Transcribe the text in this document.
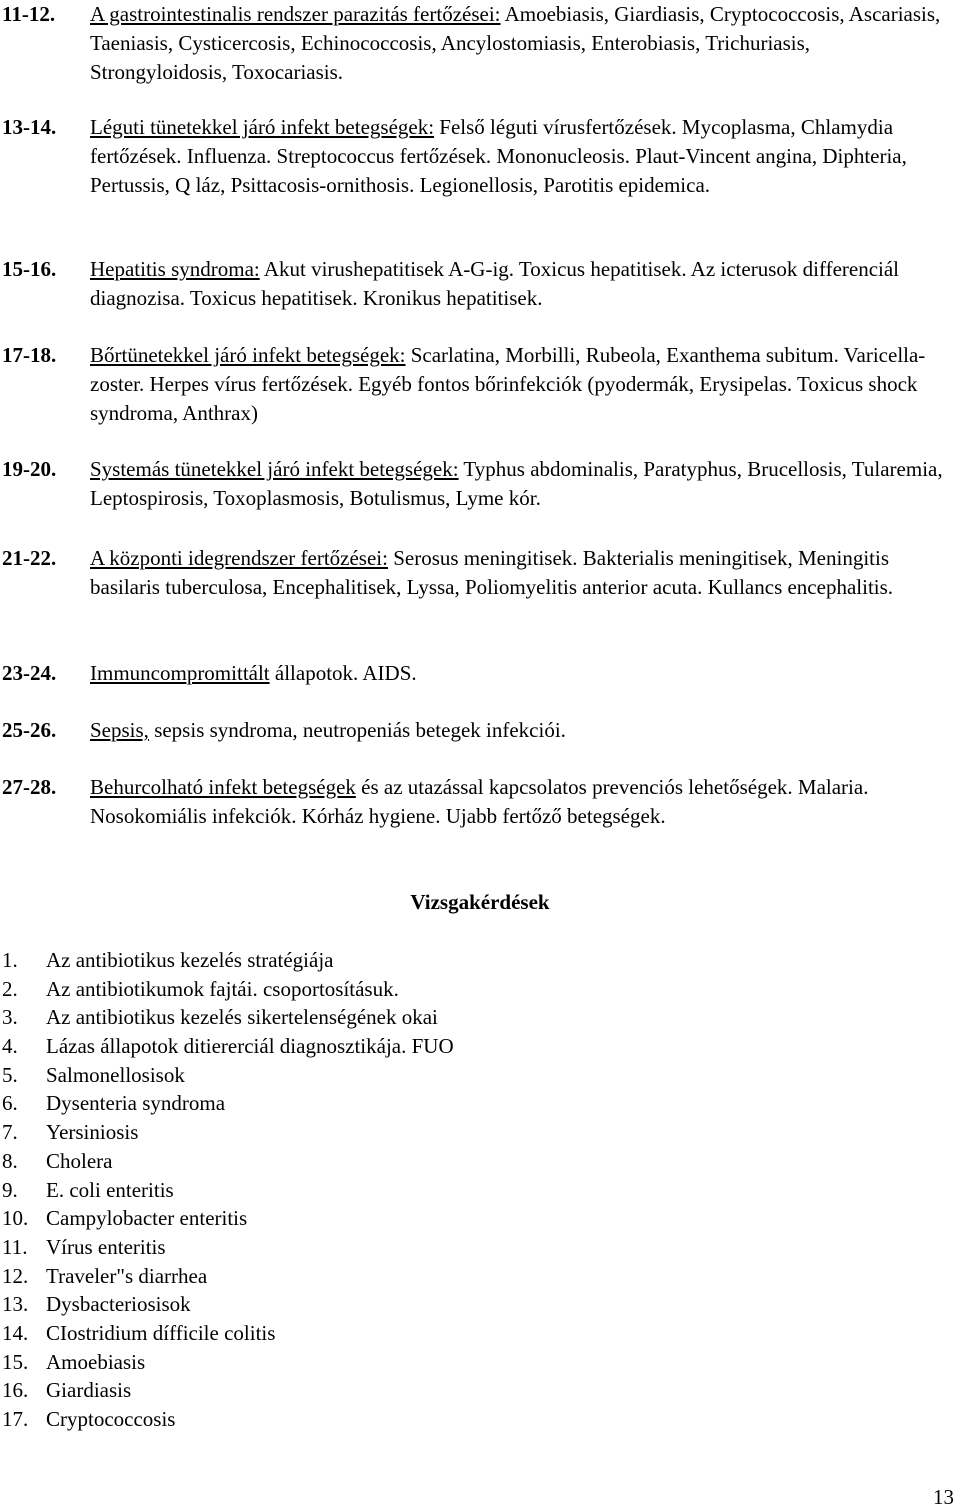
11-12. A gastrointestinalis rendszer parazitás fertőzései: Amoebiasis, Giardiasis, Cryptococcosis, Ascariasis, Taeniasis, Cysticercosis, Echinococcosis, Ancylostomiasis, Enterobiasis, Trichuriasis, Strongyloidosis, Toxocariasis.
13-14. Léguti tünetekkel járó infekt betegségek: Felső léguti vírusfertőzések. Mycoplasma, Chlamydia fertőzések. Influenza. Streptococcus fertőzések. Mononucleosis. Plaut-Vincent angina, Diphteria, Pertussis, Q láz, Psittacosis-ornithosis. Legionellosis, Parotitis epidemica.
15-16. Hepatitis syndroma: Akut virushepatitisek A-G-ig. Toxicus hepatitisek. Az icterusok differenciál diagnozisa. Toxicus hepatitisek. Kronikus hepatitisek.
17-18. Bőrtünetekkel járó infekt betegségek: Scarlatina, Morbilli, Rubeola, Exanthema subitum. Varicella-zoster. Herpes vírus fertőzések. Egyéb fontos bőrinfekciók (pyodermák, Erysipelas. Toxicus shock syndroma, Anthrax)
19-20. Systemás tünetekkel járó infekt betegségek: Typhus abdominalis, Paratyphus, Brucellosis, Tularemia, Leptospirosis, Toxoplasmosis, Botulismus, Lyme kór.
21-22. A központi idegrendszer fertőzései: Serosus meningitisek. Bakterialis meningitisek, Meningitis basilaris tuberculosa, Encephalitisek, Lyssa, Poliomyelitis anterior acuta. Kullancs encephalitis.
23-24. Immuncompromittált állapotok. AIDS.
25-26. Sepsis, sepsis syndroma, neutropeniás betegek infekciói.
27-28. Behurcolható infekt betegségek és az utazással kapcsolatos prevenciós lehetőségek. Malaria. Nosokomiális infekciók. Kórház hygiene. Ujabb fertőző betegségek.
Vizsgakérdések
1. Az antibiotikus kezelés stratégiája
2. Az antibiotikumok fajtái. csoportosításuk.
3. Az antibiotikus kezelés sikertelenségének okai
4. Lázas állapotok ditiererciál diagnosztikája. FUO
5. Salmonellosisok
6. Dysenteria syndroma
7. Yersiniosis
8. Cholera
9. E. coli enteritis
10. Campylobacter enteritis
11. Vírus enteritis
12. Traveler"s diarrhea
13. Dysbacteriosisok
14. CIostridium dífficile colitis
15. Amoebiasis
16. Giardiasis
17. Cryptococcosis
13
